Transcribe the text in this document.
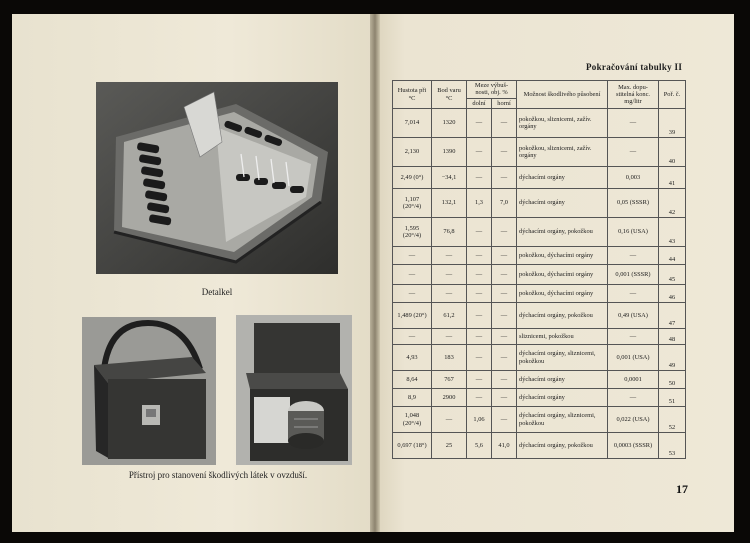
Detalkel
Přístroj pro stanovení škodlivých látek v ovzduší.
Pokračování tabulky II
Hustota při °C	Bod varu °C	Meze výbuš-nosti, obj. %		Možnost škodlivého působení	Max. dopu-stitelná konc. mg/litr	Poř. č.
		dolní	horní			
7,014	1320	—	—	pokožkou, sliznicemi, zažív. orgány	—	39
2,130	1390	—	—	pokožkou, sliznicemi, zažív. orgány	—	40
2,49 (0°)	−34,1	—	—	dýchacími orgány	0,003	41
1,107 (20°/4)	132,1	1,3	7,0	dýchacími orgány	0,05 (SSSR)	42
1,595 (20°/4)	76,8	—	—	dýchacími orgány, pokožkou	0,16 (USA)	43
—	—	—	—	pokožkou, dýchacími orgány	—	44
—	—	—	—	pokožkou, dýchacími orgány	0,001 (SSSR)	45
—	—	—	—	pokožkou, dýchacími orgány	—	46
1,489 (20°)	61,2	—	—	dýchacími orgány, pokožkou	0,49 (USA)	47
—	—	—	—	sliznicemi, pokožkou	—	48
4,93	183	—	—	dýchacími orgány, sliznicemi, pokožkou	0,001 (USA)	49
8,64	767	—	—	dýchacími orgány	0,0001	50
8,9	2900	—	—	dýchacími orgány	—	51
1,048 (20°/4)	—	1,06	—	dýchacími orgány, sliznicemi, pokožkou	0,022 (USA)	52
0,697 (18°)	25	5,6	41,0	dýchacími orgány, pokožkou	0,0003 (SSSR)	53
17
